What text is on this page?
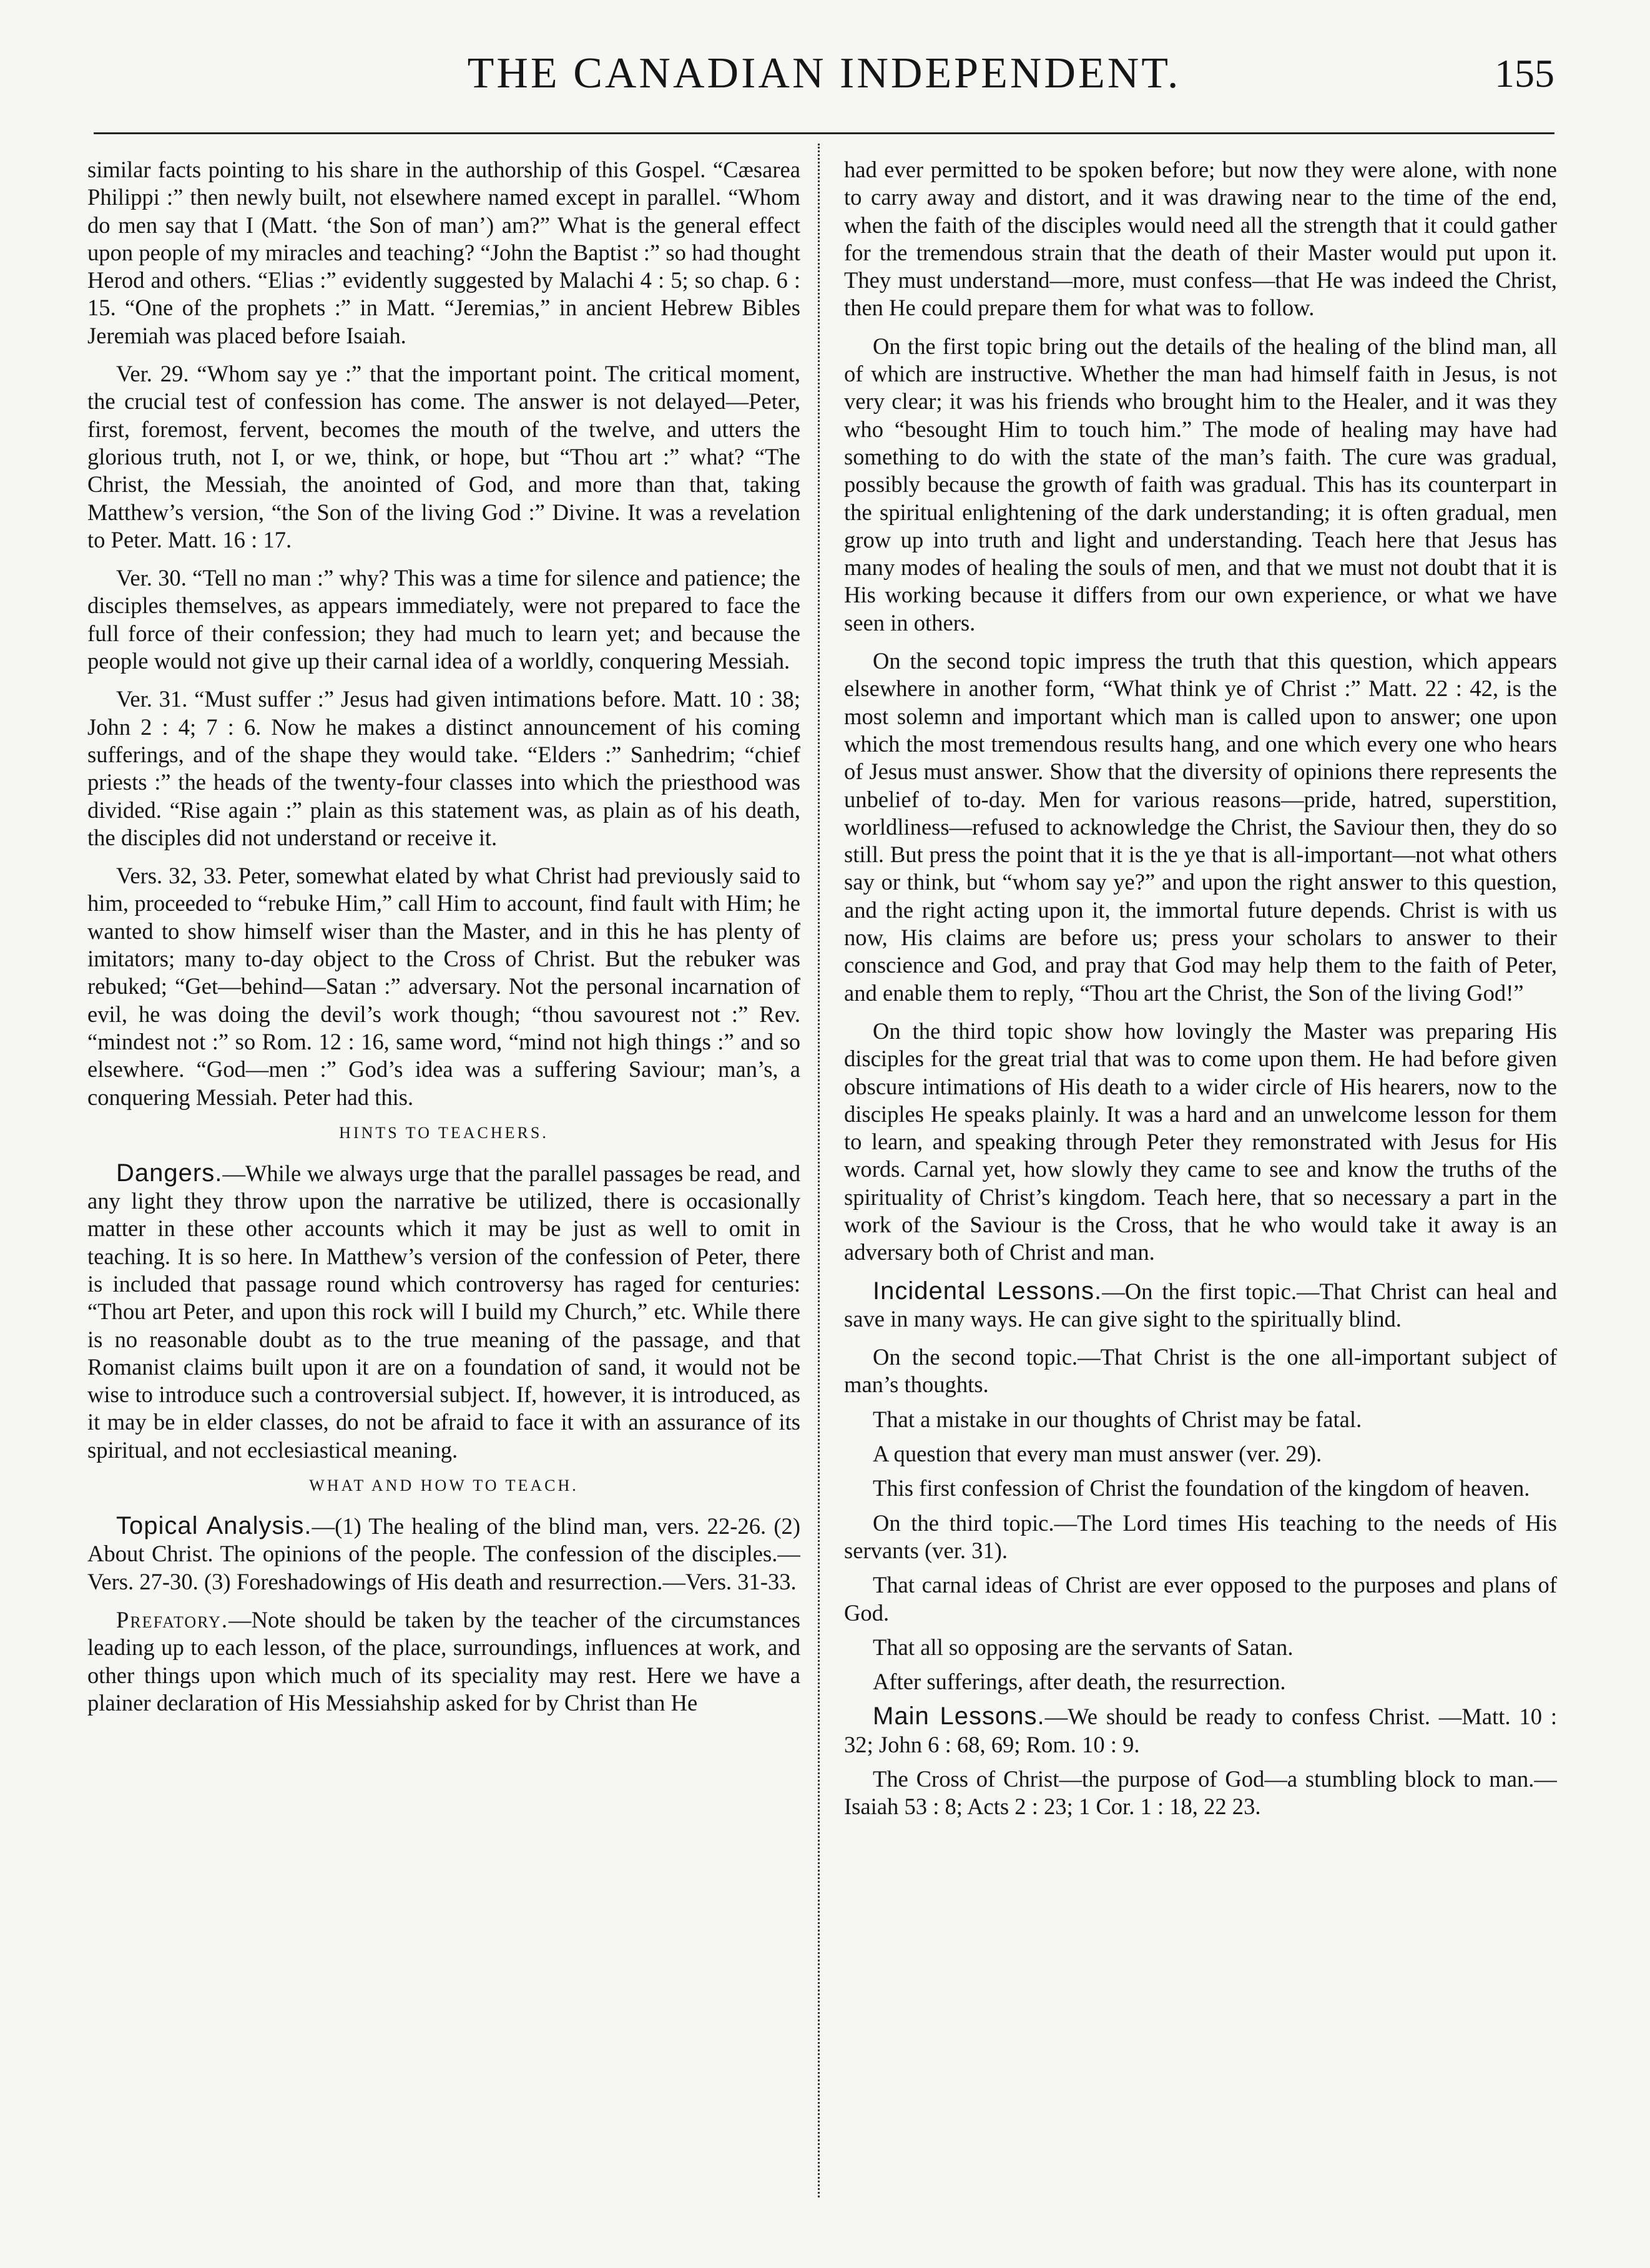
THE CANADIAN INDEPENDENT.	155

similar facts pointing to his share in the authorship of this Gospel. “Cæsarea Philippi :” then newly built, not elsewhere named except in parallel. “Whom do men say that I (Matt. ‘the Son of man’) am?” What is the general effect upon people of my miracles and teaching? “John the Baptist :” so had thought Herod and others. “Elias :” evidently suggested by Malachi 4 : 5; so chap. 6 : 15. “One of the prophets :” in Matt. “Jeremias,” in ancient Hebrew Bibles Jeremiah was placed before Isaiah.

Ver. 29. “Whom say ye :” that the important point. The critical moment, the crucial test of confession has come. The answer is not delayed—Peter, first, foremost, fervent, becomes the mouth of the twelve, and utters the glorious truth, not I, or we, think, or hope, but “Thou art :” what? “The Christ, the Messiah, the anointed of God, and more than that, taking Matthew’s version, “the Son of the living God :” Divine. It was a revelation to Peter. Matt. 16 : 17.

Ver. 30. “Tell no man :” why? This was a time for silence and patience; the disciples themselves, as appears immediately, were not prepared to face the full force of their confession; they had much to learn yet; and because the people would not give up their carnal idea of a worldly, conquering Messiah.

Ver. 31. “Must suffer :” Jesus had given intimations before. Matt. 10 : 38; John 2 : 4; 7 : 6. Now he makes a distinct announcement of his coming sufferings, and of the shape they would take. “Elders :” Sanhedrim; “chief priests :” the heads of the twenty-four classes into which the priesthood was divided. “Rise again :” plain as this statement was, as plain as of his death, the disciples did not understand or receive it.

Vers. 32, 33. Peter, somewhat elated by what Christ had previously said to him, proceeded to “rebuke Him,” call Him to account, find fault with Him; he wanted to show himself wiser than the Master, and in this he has plenty of imitators; many to-day object to the Cross of Christ. But the rebuker was rebuked; “Get—behind—Satan :” adversary. Not the personal incarnation of evil, he was doing the devil’s work though; “thou savourest not :” Rev. “mindest not :” so Rom. 12 : 16, same word, “mind not high things :” and so elsewhere. “God—men :” God’s idea was a suffering Saviour; man’s, a conquering Messiah. Peter had this.

HINTS TO TEACHERS.

Dangers.—While we always urge that the parallel passages be read, and any light they throw upon the narrative be utilized, there is occasionally matter in these other accounts which it may be just as well to omit in teaching. It is so here. In Matthew’s version of the confession of Peter, there is included that passage round which controversy has raged for centuries: “Thou art Peter, and upon this rock will I build my Church,” etc. While there is no reasonable doubt as to the true meaning of the passage, and that Romanist claims built upon it are on a foundation of sand, it would not be wise to introduce such a controversial subject. If, however, it is introduced, as it may be in elder classes, do not be afraid to face it with an assurance of its spiritual, and not ecclesiastical meaning.

WHAT AND HOW TO TEACH.

Topical Analysis.—(1) The healing of the blind man, vers. 22-26. (2) About Christ. The opinions of the people. The confession of the disciples.—Vers. 27-30. (3) Foreshadowings of His death and resurrection.—Vers. 31-33.

Prefatory.—Note should be taken by the teacher of the circumstances leading up to each lesson, of the place, surroundings, influences at work, and other things upon which much of its speciality may rest. Here we have a plainer declaration of His Messiahship asked for by Christ than He

had ever permitted to be spoken before; but now they were alone, with none to carry away and distort, and it was drawing near to the time of the end, when the faith of the disciples would need all the strength that it could gather for the tremendous strain that the death of their Master would put upon it. They must understand—more, must confess—that He was indeed the Christ, then He could prepare them for what was to follow.

On the first topic bring out the details of the healing of the blind man, all of which are instructive. Whether the man had himself faith in Jesus, is not very clear; it was his friends who brought him to the Healer, and it was they who “besought Him to touch him.” The mode of healing may have had something to do with the state of the man’s faith. The cure was gradual, possibly because the growth of faith was gradual. This has its counterpart in the spiritual enlightening of the dark understanding; it is often gradual, men grow up into truth and light and understanding. Teach here that Jesus has many modes of healing the souls of men, and that we must not doubt that it is His working because it differs from our own experience, or what we have seen in others.

On the second topic impress the truth that this question, which appears elsewhere in another form, “What think ye of Christ :” Matt. 22 : 42, is the most solemn and important which man is called upon to answer; one upon which the most tremendous results hang, and one which every one who hears of Jesus must answer. Show that the diversity of opinions there represents the unbelief of to-day. Men for various reasons—pride, hatred, superstition, worldliness—refused to acknowledge the Christ, the Saviour then, they do so still. But press the point that it is the ye that is all-important—not what others say or think, but “whom say ye?” and upon the right answer to this question, and the right acting upon it, the immortal future depends. Christ is with us now, His claims are before us; press your scholars to answer to their conscience and God, and pray that God may help them to the faith of Peter, and enable them to reply, “Thou art the Christ, the Son of the living God!”

On the third topic show how lovingly the Master was preparing His disciples for the great trial that was to come upon them. He had before given obscure intimations of His death to a wider circle of His hearers, now to the disciples He speaks plainly. It was a hard and an unwelcome lesson for them to learn, and speaking through Peter they remonstrated with Jesus for His words. Carnal yet, how slowly they came to see and know the truths of the spirituality of Christ’s kingdom. Teach here, that so necessary a part in the work of the Saviour is the Cross, that he who would take it away is an adversary both of Christ and man.

Incidental Lessons.—On the first topic.—That Christ can heal and save in many ways. He can give sight to the spiritually blind.

On the second topic.—That Christ is the one all-important subject of man’s thoughts.

That a mistake in our thoughts of Christ may be fatal.

A question that every man must answer (ver. 29).

This first confession of Christ the foundation of the kingdom of heaven.

On the third topic.—The Lord times His teaching to the needs of His servants (ver. 31).

That carnal ideas of Christ are ever opposed to the purposes and plans of God.

That all so opposing are the servants of Satan.

After sufferings, after death, the resurrection.

Main Lessons.—We should be ready to confess Christ. —Matt. 10 : 32; John 6 : 68, 69; Rom. 10 : 9.

The Cross of Christ—the purpose of God—a stumbling block to man.—Isaiah 53 : 8; Acts 2 : 23; 1 Cor. 1 : 18, 22 23.
